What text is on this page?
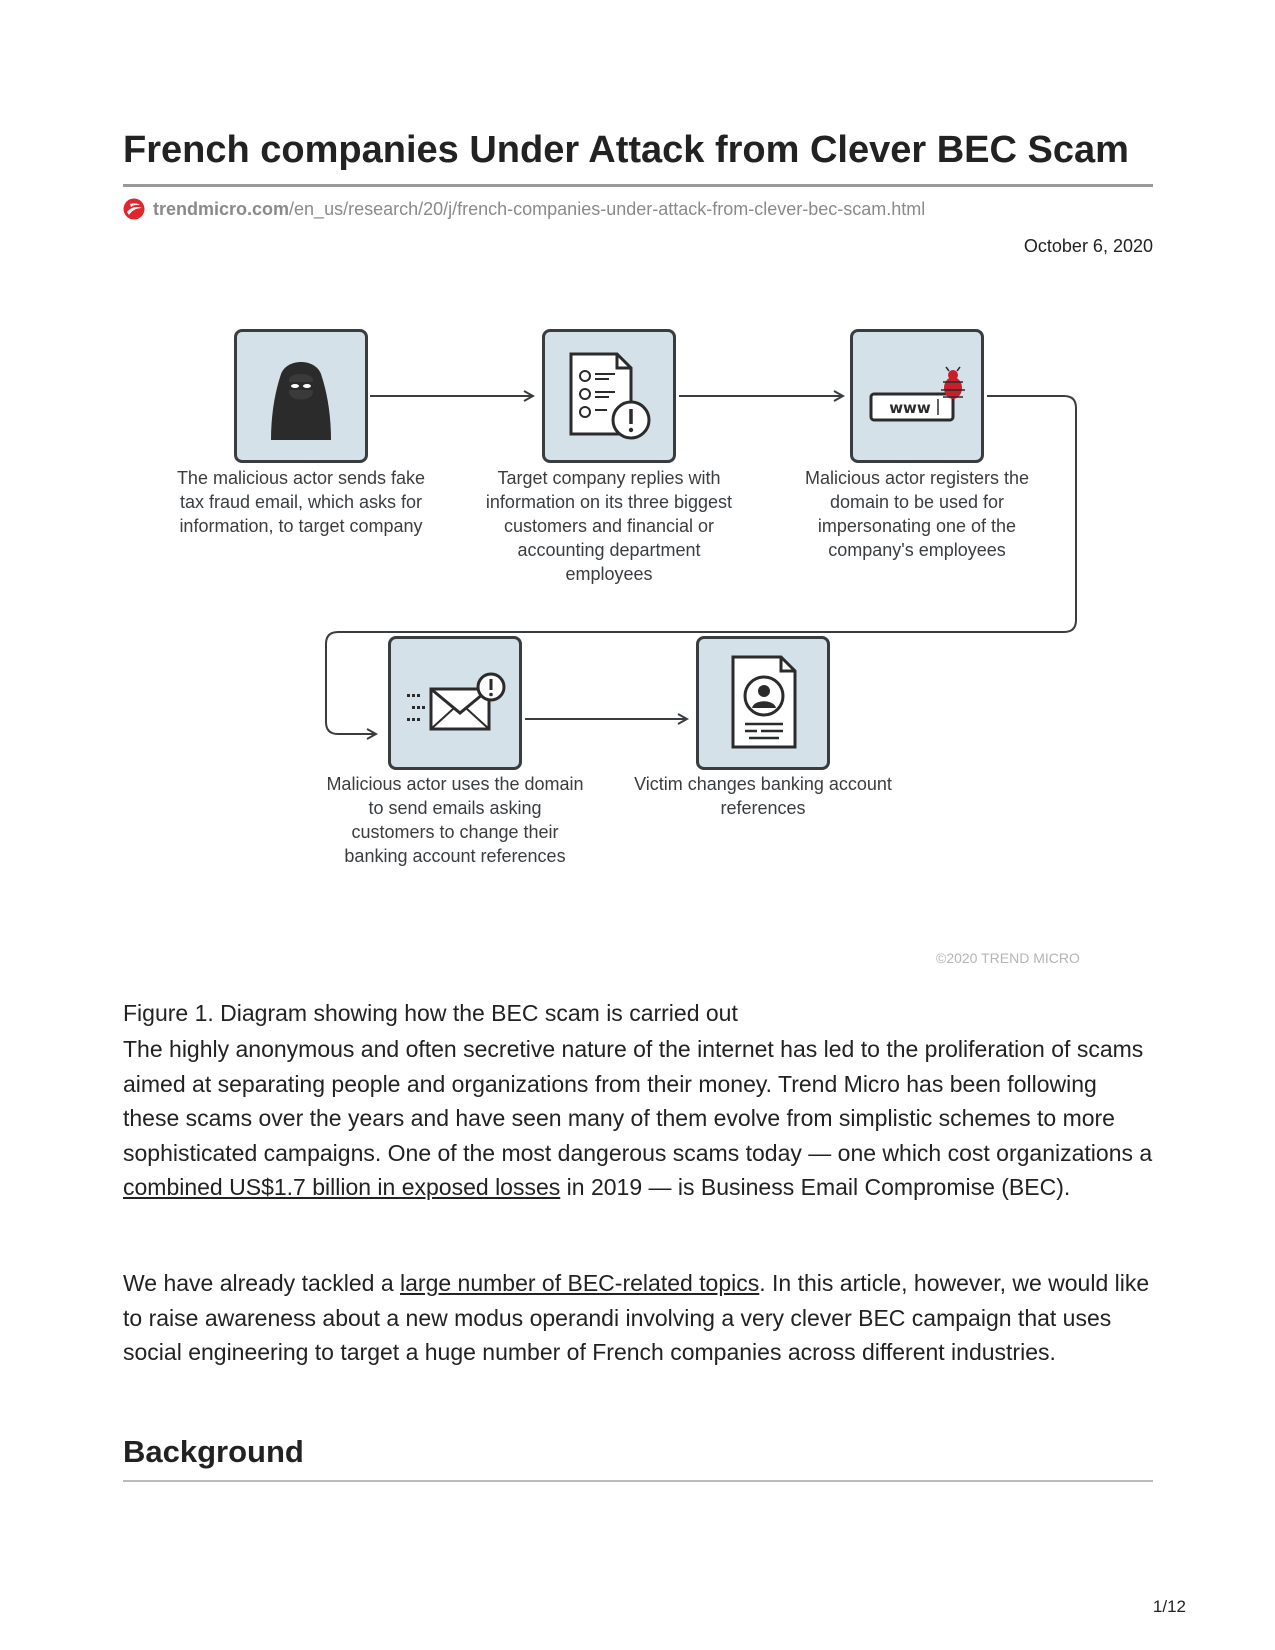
French companies Under Attack from Clever BEC Scam
trendmicro.com /en_us/research/20/j/french-companies-under-attack-from-clever-bec-scam.html
October 6, 2020
The malicious actor sends fake tax fraud email, which asks for information, to target company
Target company replies with information on its three biggest customers and financial or accounting department employees
www
Malicious actor registers the domain to be used for impersonating one of the company's employees
Malicious actor uses the domain to send emails asking customers to change their banking account references
Victim changes banking account references
©2020 TREND MICRO
Figure 1. Diagram showing how the BEC scam is carried out

The highly anonymous and often secretive nature of the internet has led to the proliferation of scams aimed at separating people and organizations from their money. Trend Micro has been following these scams over the years and have seen many of them evolve from simplistic schemes to more sophisticated campaigns. One of the most dangerous scams today — one which cost organizations a combined US$1.7 billion in exposed losses in 2019 — is Business Email Compromise (BEC).

We have already tackled a large number of BEC-related topics. In this article, however, we would like to raise awareness about a new modus operandi involving a very clever BEC campaign that uses social engineering to target a huge number of French companies across different industries.

Background
1/12
